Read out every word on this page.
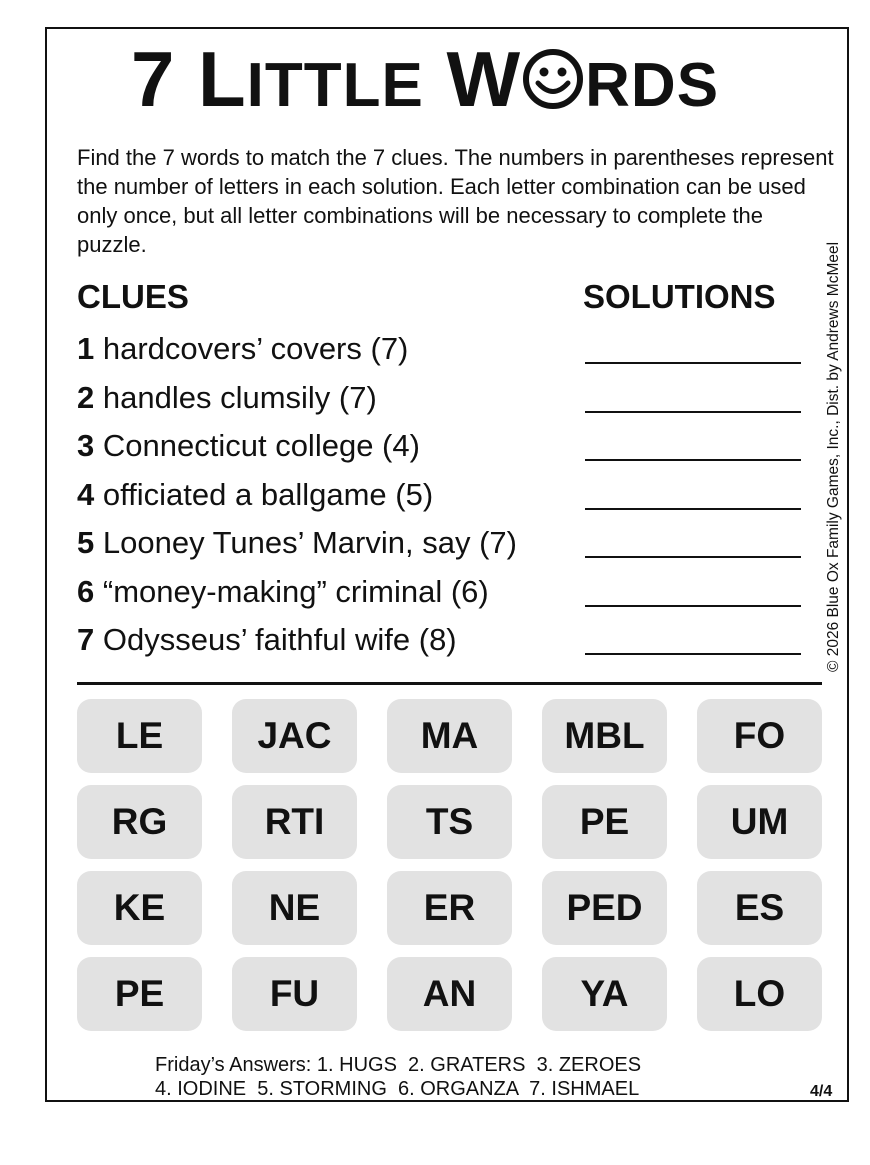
7 LITTLE W RDS
Find the 7 words to match the 7 clues. The numbers in parentheses represent the number of letters in each solution. Each letter combination can be used only once, but all letter combinations will be necessary to complete the puzzle.
CLUES	SOLUTIONS
1 hardcovers’ covers (7)
2 handles clumsily (7)
3 Connecticut college (4)
4 officiated a ballgame (5)
5 Looney Tunes’ Marvin, say (7)
6 “money-making” criminal (6)
7 Odysseus’ faithful wife (8)	© 2026 Blue Ox Family Games, Inc., Dist. by Andrews McMeel
LE	JAC	MA	MBL	FO
RG	RTI	TS	PE	UM
KE	NE	ER	PED	ES
PE	FU	AN	YA	LO
Friday’s Answers: 1. HUGS  2. GRATERS  3. ZEROES
4. IODINE  5. STORMING  6. ORGANZA  7. ISHMAEL	4/4
